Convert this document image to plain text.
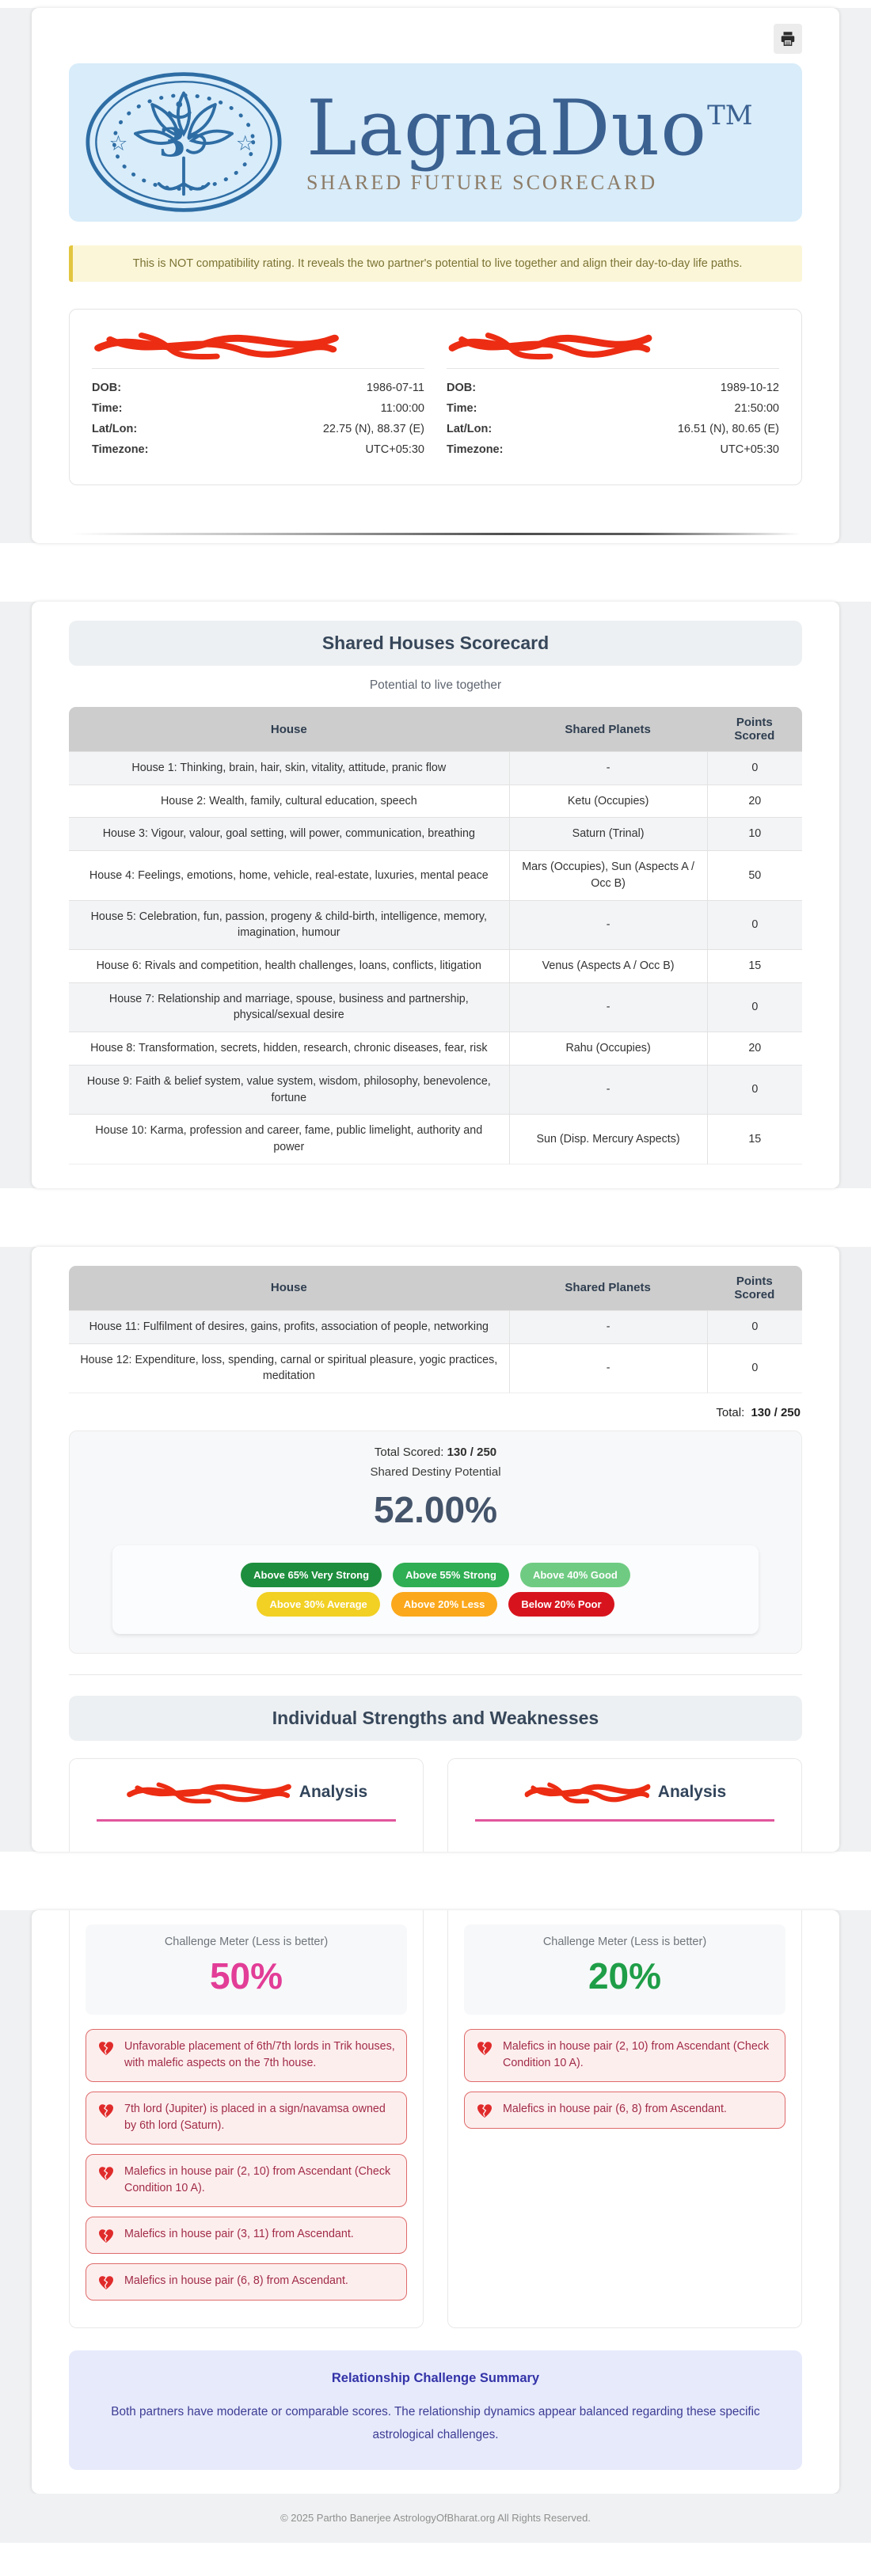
3
☆	☆ LagnaDuo™
SHARED FUTURE SCORECARD
This is NOT compatibility rating. It reveals the two partner's potential to live together and align their day-to-day life paths.
DOB:	1986-07-11
Time:	11:00:00
Lat/Lon:	22.75 (N), 88.37 (E)
Timezone:	UTC+05:30
DOB:	1989-10-12
Time:	21:50:00
Lat/Lon:	16.51 (N), 80.65 (E)
Timezone:	UTC+05:30
Shared Houses Scorecard
Potential to live together
House	Shared Planets	Points Scored
House 1: Thinking, brain, hair, skin, vitality, attitude, pranic flow	-	0
House 2: Wealth, family, cultural education, speech	Ketu (Occupies)	20
House 3: Vigour, valour, goal setting, will power, communication, breathing	Saturn (Trinal)	10
House 4: Feelings, emotions, home, vehicle, real-estate, luxuries, mental peace	Mars (Occupies), Sun (Aspects A / Occ B)	50
House 5: Celebration, fun, passion, progeny & child-birth, intelligence, memory, imagination, humour	-	0
House 6: Rivals and competition, health challenges, loans, conflicts, litigation	Venus (Aspects A / Occ B)	15
House 7: Relationship and marriage, spouse, business and partnership, physical/sexual desire	-	0
House 8: Transformation, secrets, hidden, research, chronic diseases, fear, risk	Rahu (Occupies)	20
House 9: Faith & belief system, value system, wisdom, philosophy, benevolence, fortune	-	0
House 10: Karma, profession and career, fame, public limelight, authority and power	Sun (Disp. Mercury Aspects)	15
House	Shared Planets	Points Scored
House 11: Fulfilment of desires, gains, profits, association of people, networking	-	0
House 12: Expenditure, loss, spending, carnal or spiritual pleasure, yogic practices, meditation	-	0
Total: 130 / 250
Total Scored: 130 / 250
Shared Destiny Potential
52.00%
Above 65% Very Strong	Above 55% Strong	Above 40% Good
Above 30% Average	Above 20% Less	Below 20% Poor
Individual Strengths and Weaknesses
Analysis	Analysis
Challenge Meter (Less is better)
50%
Unfavorable placement of 6th/7th lords in Trik houses, with malefic aspects on the 7th house.
7th lord (Jupiter) is placed in a sign/navamsa owned by 6th lord (Saturn).
Malefics in house pair (2, 10) from Ascendant (Check Condition 10 A).
Malefics in house pair (3, 11) from Ascendant.
Malefics in house pair (6, 8) from Ascendant.
Challenge Meter (Less is better)
20%
Malefics in house pair (2, 10) from Ascendant (Check Condition 10 A).
Malefics in house pair (6, 8) from Ascendant.
Relationship Challenge Summary

Both partners have moderate or comparable scores. The relationship dynamics appear balanced regarding these specific astrological challenges.

© 2025 Partho Banerjee AstrologyOfBharat.org All Rights Reserved.
